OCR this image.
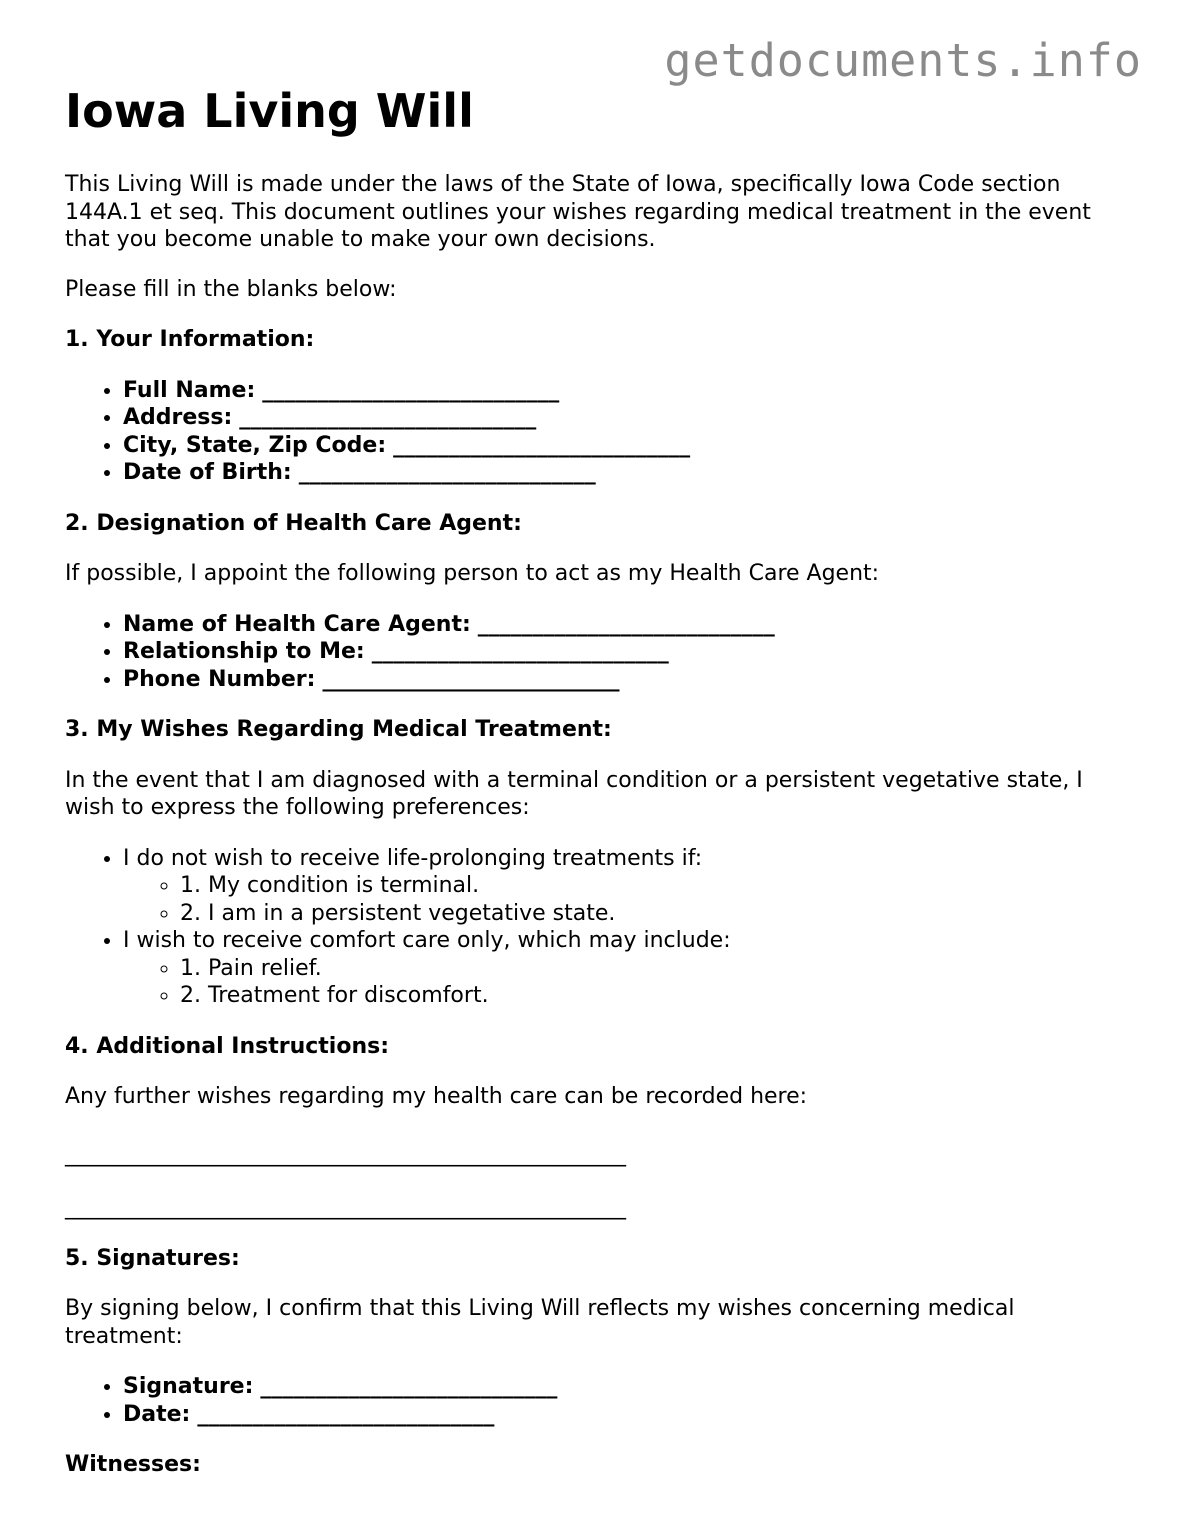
getdocuments.info
Iowa Living Will

This Living Will is made under the laws of the State of Iowa, specifically Iowa Code section 144A.1 et seq. This document outlines your wishes regarding medical treatment in the event that you become unable to make your own decisions.

Please fill in the blanks below:

1. Your Information:

• Full Name: ___________________________
• Address: ___________________________
• City, State, Zip Code: ___________________________
• Date of Birth: ___________________________

2. Designation of Health Care Agent:

If possible, I appoint the following person to act as my Health Care Agent:

• Name of Health Care Agent: ___________________________
• Relationship to Me: ___________________________
• Phone Number: ___________________________

3. My Wishes Regarding Medical Treatment:

In the event that I am diagnosed with a terminal condition or a persistent vegetative state, I wish to express the following preferences:

• I do not wish to receive life-prolonging treatments if:
◦ 1. My condition is terminal.
◦ 2. I am in a persistent vegetative state.
• I wish to receive comfort care only, which may include:
◦ 1. Pain relief.
◦ 2. Treatment for discomfort.

4. Additional Instructions:

Any further wishes regarding my health care can be recorded here:

___________________________________________________
___________________________________________________

5. Signatures:

By signing below, I confirm that this Living Will reflects my wishes concerning medical treatment:

• Signature: ___________________________
• Date: ___________________________

Witnesses:
